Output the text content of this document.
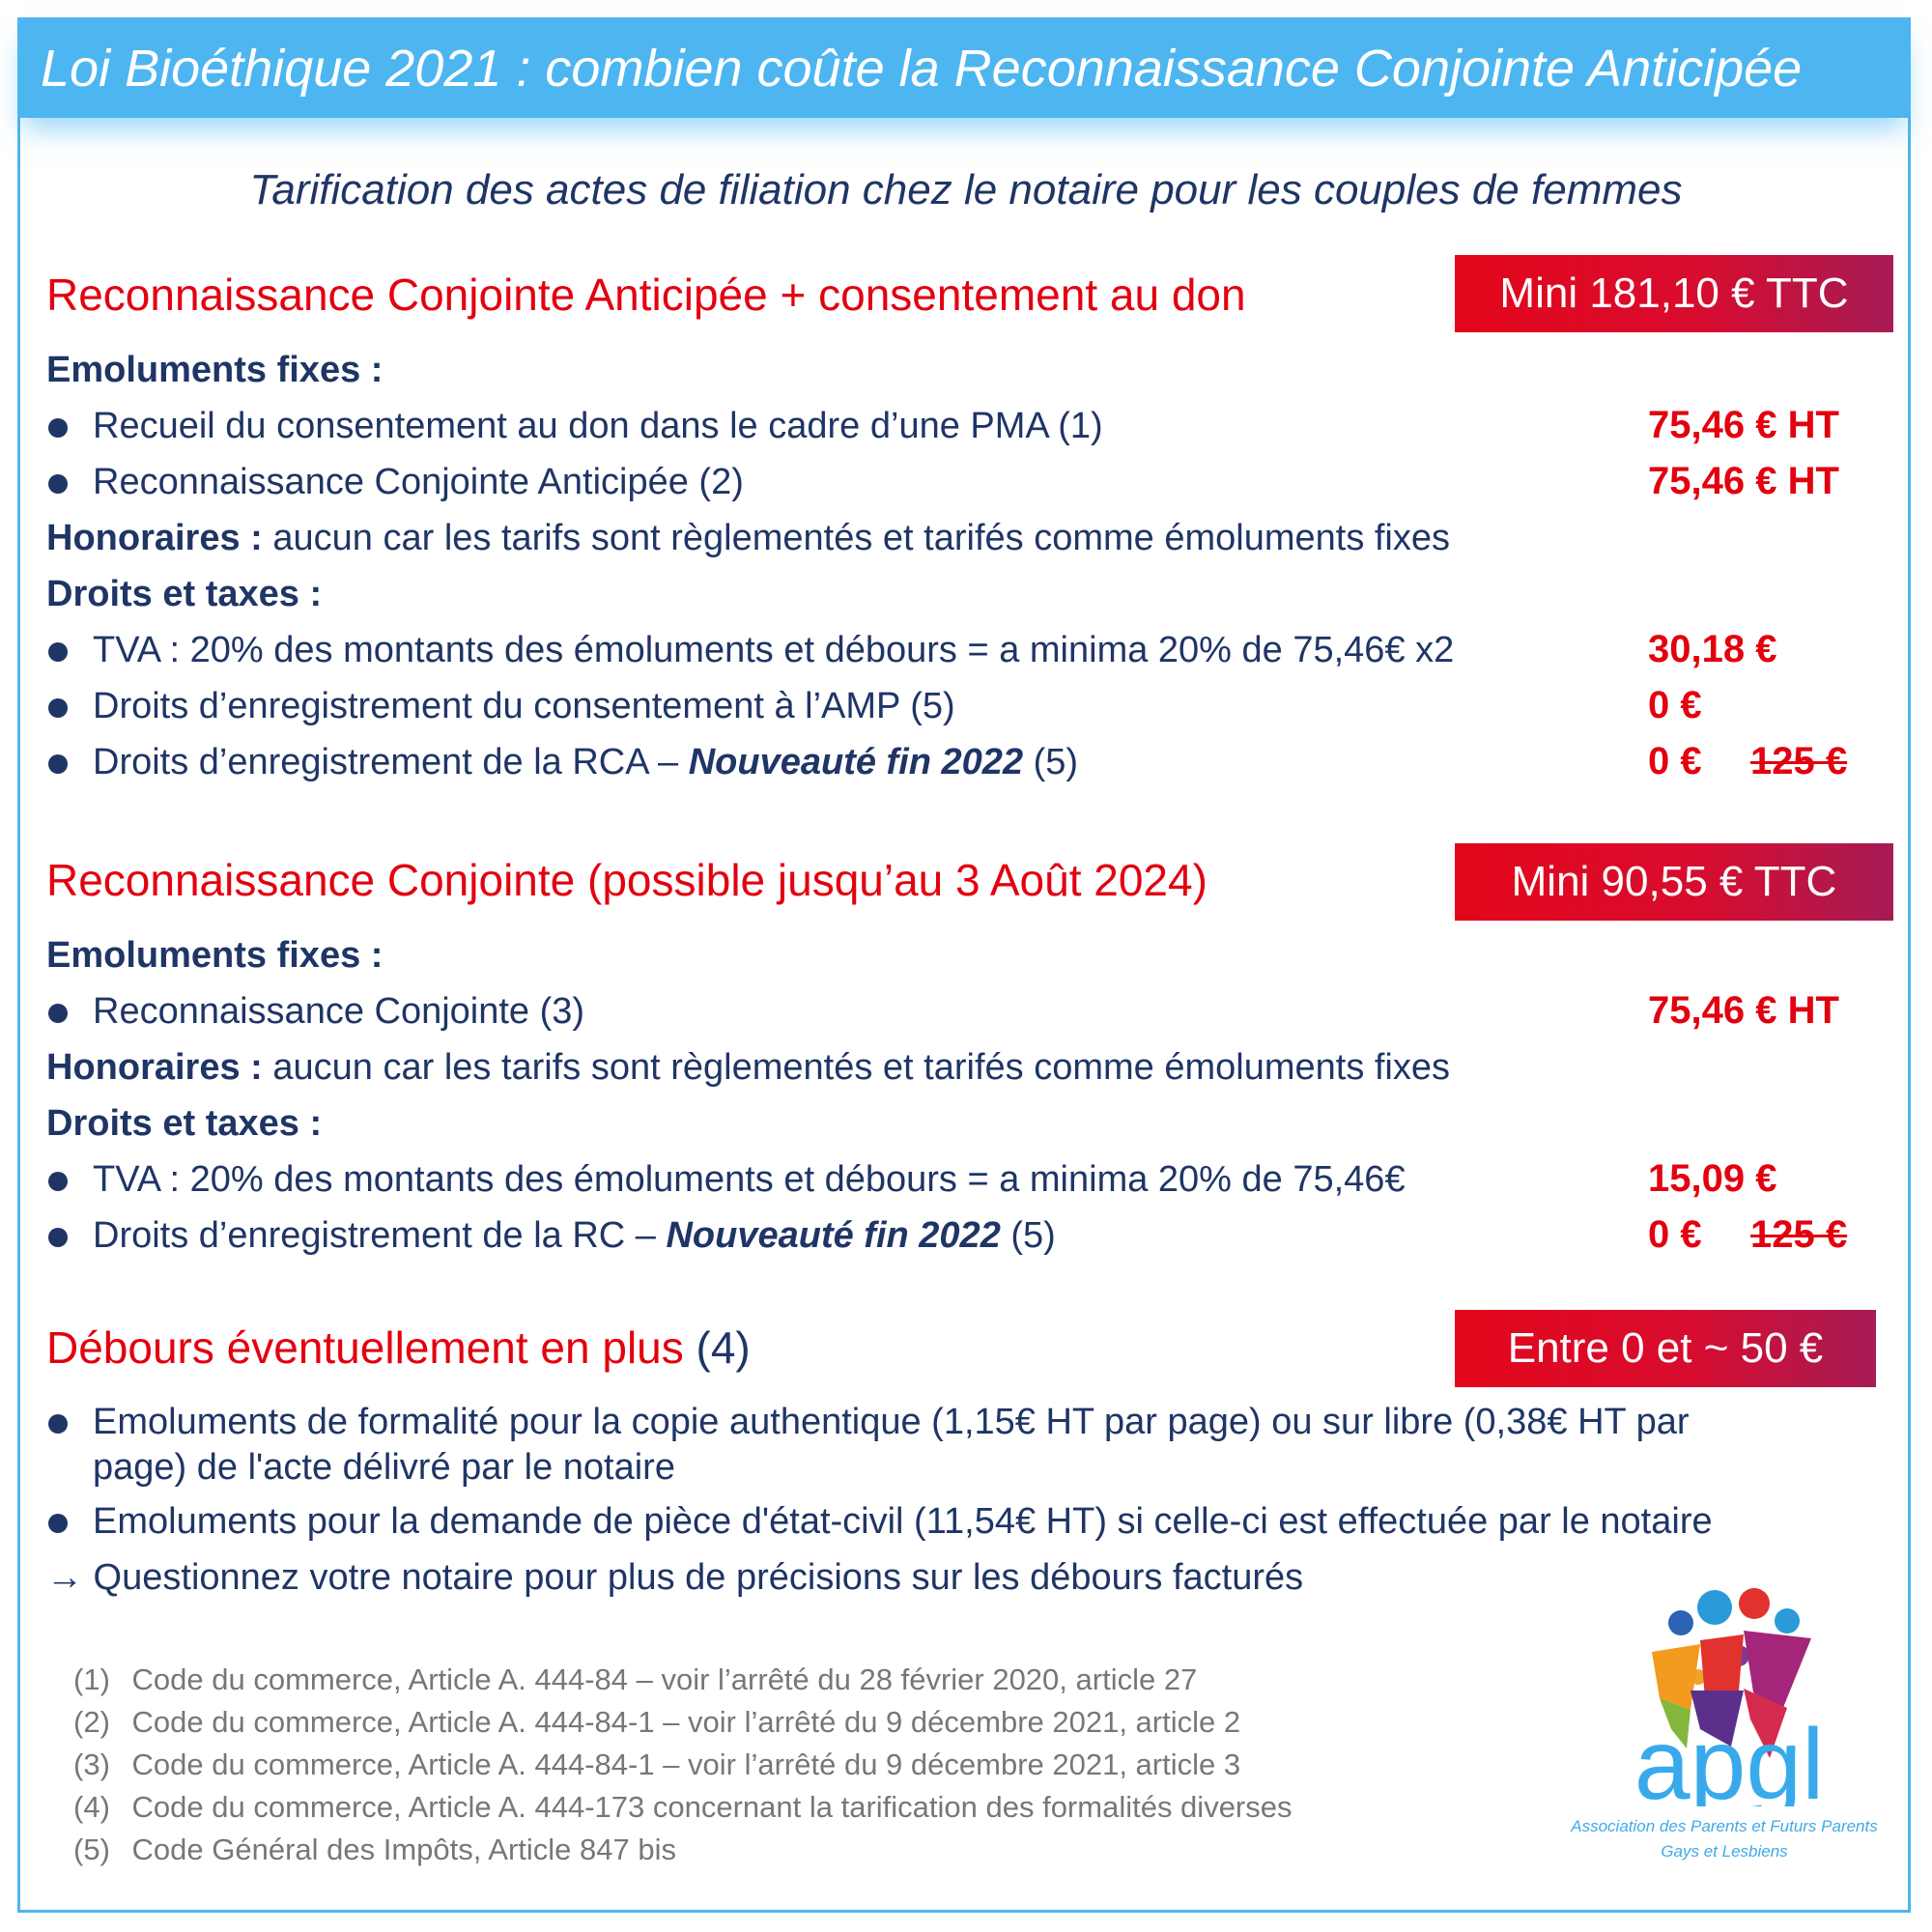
Loi Bioéthique 2021 : combien coûte la Reconnaissance Conjointe Anticipée
Tarification des actes de filiation chez le notaire pour les couples de femmes
Reconnaissance Conjointe Anticipée + consentement au don	Mini 181,10 € TTC
Emoluments fixes :
Recueil du consentement au don dans le cadre d’une PMA (1)	75,46 € HT
Reconnaissance Conjointe Anticipée (2)	75,46 € HT
Honoraires : aucun car les tarifs sont règlementés et tarifés comme émoluments fixes
Droits et taxes :
TVA : 20% des montants des émoluments et débours = a minima 20% de 75,46€ x2	30,18 €
Droits d’enregistrement du consentement à l’AMP (5)	0 €
Droits d’enregistrement de la RCA – Nouveauté fin 2022 (5)	0 € 125 €
Reconnaissance Conjointe (possible jusqu’au 3 Août 2024)	Mini 90,55 € TTC
Emoluments fixes :
Reconnaissance Conjointe (3)	75,46 € HT
Honoraires : aucun car les tarifs sont règlementés et tarifés comme émoluments fixes
Droits et taxes :
TVA : 20% des montants des émoluments et débours = a minima 20% de 75,46€	15,09 €
Droits d’enregistrement de la RC – Nouveauté fin 2022 (5)	0 € 125 €
Débours éventuellement en plus (4)	Entre 0 et ~ 50 €
Emoluments de formalité pour la copie authentique (1,15€ HT par page) ou sur libre (0,38€ HT par
page) de l'acte délivré par le notaire
Emoluments pour la demande de pièce d'état-civil (11,54€ HT) si celle-ci est effectuée par le notaire
→ Questionnez votre notaire pour plus de précisions sur les débours facturés
(1) Code du commerce, Article A. 444-84 – voir l’arrêté du 28 février 2020, article 27
(2) Code du commerce, Article A. 444-84-1 – voir l’arrêté du 9 décembre 2021, article 2
(3) Code du commerce, Article A. 444-84-1 – voir l’arrêté du 9 décembre 2021, article 3
(4) Code du commerce, Article A. 444-173 concernant la tarification des formalités diverses
(5) Code Général des Impôts, Article 847 bis
apgl
Association des Parents et Futurs Parents
Gays et Lesbiens
